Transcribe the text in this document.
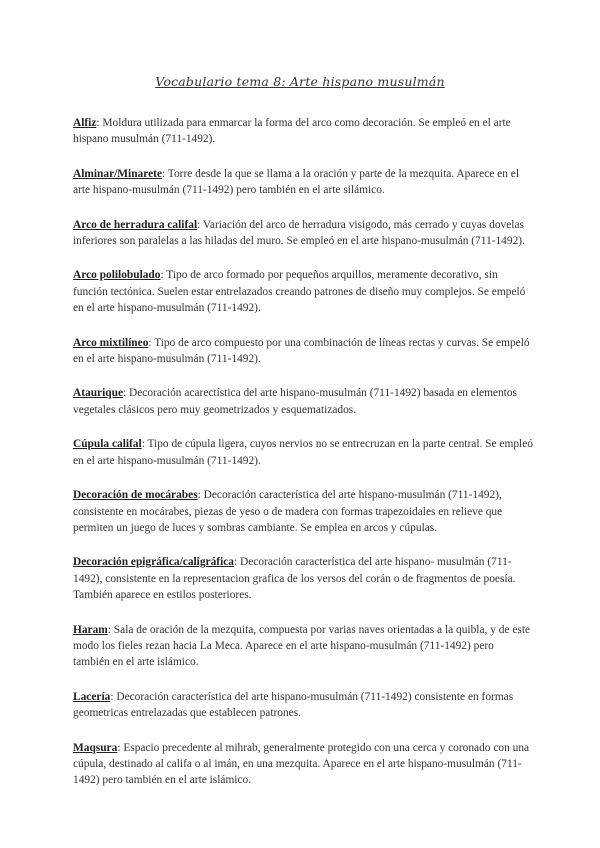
Vocabulario tema 8: Arte hispano musulmán

Alfiz: Moldura utilizada para enmarcar la forma del arco como decoración. Se empleó en el arte hispano musulmán (711-1492).

Alminar/Minarete: Torre desde la que se llama a la oración y parte de la mezquita. Aparece en el arte hispano-musulmán (711-1492) pero también en el arte silámico.

Arco de herradura califal: Variación del arco de herradura visigodo, más cerrado y cuyas dovelas inferiores son paralelas a las hiladas del muro. Se empleó en el arte hispano-musulmán (711-1492).

Arco polilobulado: Tipo de arco formado por pequeños arquillos, meramente decorativo, sin función tectónica. Suelen estar entrelazados creando patrones de diseño muy complejos. Se empeló en el arte hispano-musulmán (711-1492).

Arco mixtilíneo: Tipo de arco compuesto por una combinación de líneas rectas y curvas. Se empeló en el arte hispano-musulmán (711-1492).

Ataurique: Decoración acarectística del arte hispano-musulmán (711-1492) basada en elementos vegetales clásicos pero muy geometrizados y esquematizados.

Cúpula califal: Tipo de cúpula ligera, cuyos nervios no se entrecruzan en la parte central. Se empleó en el arte hispano-musulmán (711-1492).

Decoración de mocárabes: Decoración característica del arte hispano-musulmán (711-1492), consistente en mocárabes, piezas de yeso o de madera con formas trapezoidales en relieve que permiten un juego de luces y sombras cambiante. Se emplea en arcos y cúpulas.

Decoración epigráfica/caligráfica: Decoración característica del arte hispano- musulmán (711-1492), consistente en la representacion grafica de los versos del corán o de fragmentos de poesía. También aparece en estilos posteriores.

Haram: Sala de oración de la mezquita, compuesta por varias naves orientadas a la quibla, y de este modo los fieles rezan hacia La Meca. Aparece en el arte hispano-musulmán (711-1492) pero también en el arte islámico.

Lacería: Decoración característica del arte hispano-musulmán (711-1492) consistente en formas geometricas entrelazadas que establecen patrones.

Maqsura: Espacio precedente al mihrab, generalmente protegido con una cerca y coronado con una cúpula, destinado al califa o al imán, en una mezquita. Aparece en el arte hispano-musulmán (711-1492) pero también en el arte islámico.
